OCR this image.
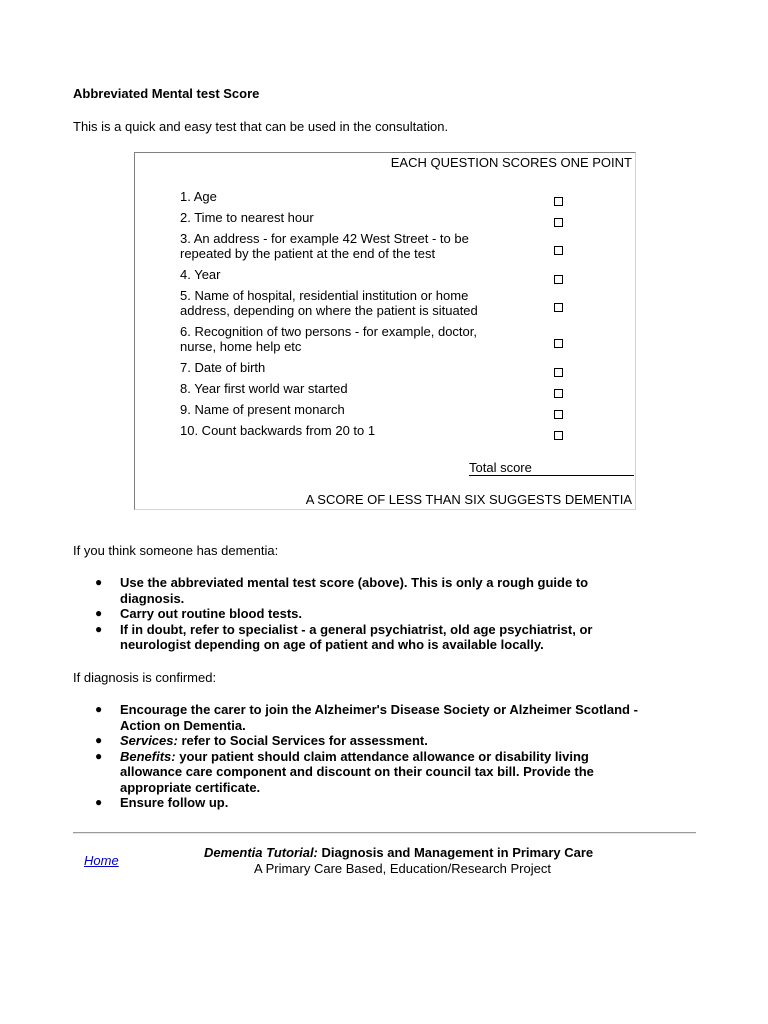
Abbreviated Mental test Score
This is a quick and easy test that can be used in the consultation.
EACH QUESTION SCORES ONE POINT
1. Age
2. Time to nearest hour
3. An address - for example 42 West Street - to be
repeated by the patient at the end of the test
4. Year
5. Name of hospital, residential institution or home
address, depending on where the patient is situated
6. Recognition of two persons - for example, doctor,
nurse, home help etc
7. Date of birth
8. Year first world war started
9. Name of present monarch
10. Count backwards from 20 to 1
Total score
A SCORE OF LESS THAN SIX SUGGESTS DEMENTIA
If you think someone has dementia:
● Use the abbreviated mental test score (above). This is only a rough guide to
diagnosis.
● Carry out routine blood tests.
● If in doubt, refer to specialist - a general psychiatrist, old age psychiatrist, or
neurologist depending on age of patient and who is available locally.
If diagnosis is confirmed:
● Encourage the carer to join the Alzheimer's Disease Society or Alzheimer Scotland -
Action on Dementia.
● Services: refer to Social Services for assessment.
● Benefits: your patient should claim attendance allowance or disability living
allowance care component and discount on their council tax bill. Provide the
appropriate certificate.
● Ensure follow up.
Home
Dementia Tutorial: Diagnosis and Management in Primary Care
A Primary Care Based, Education/Research Project
